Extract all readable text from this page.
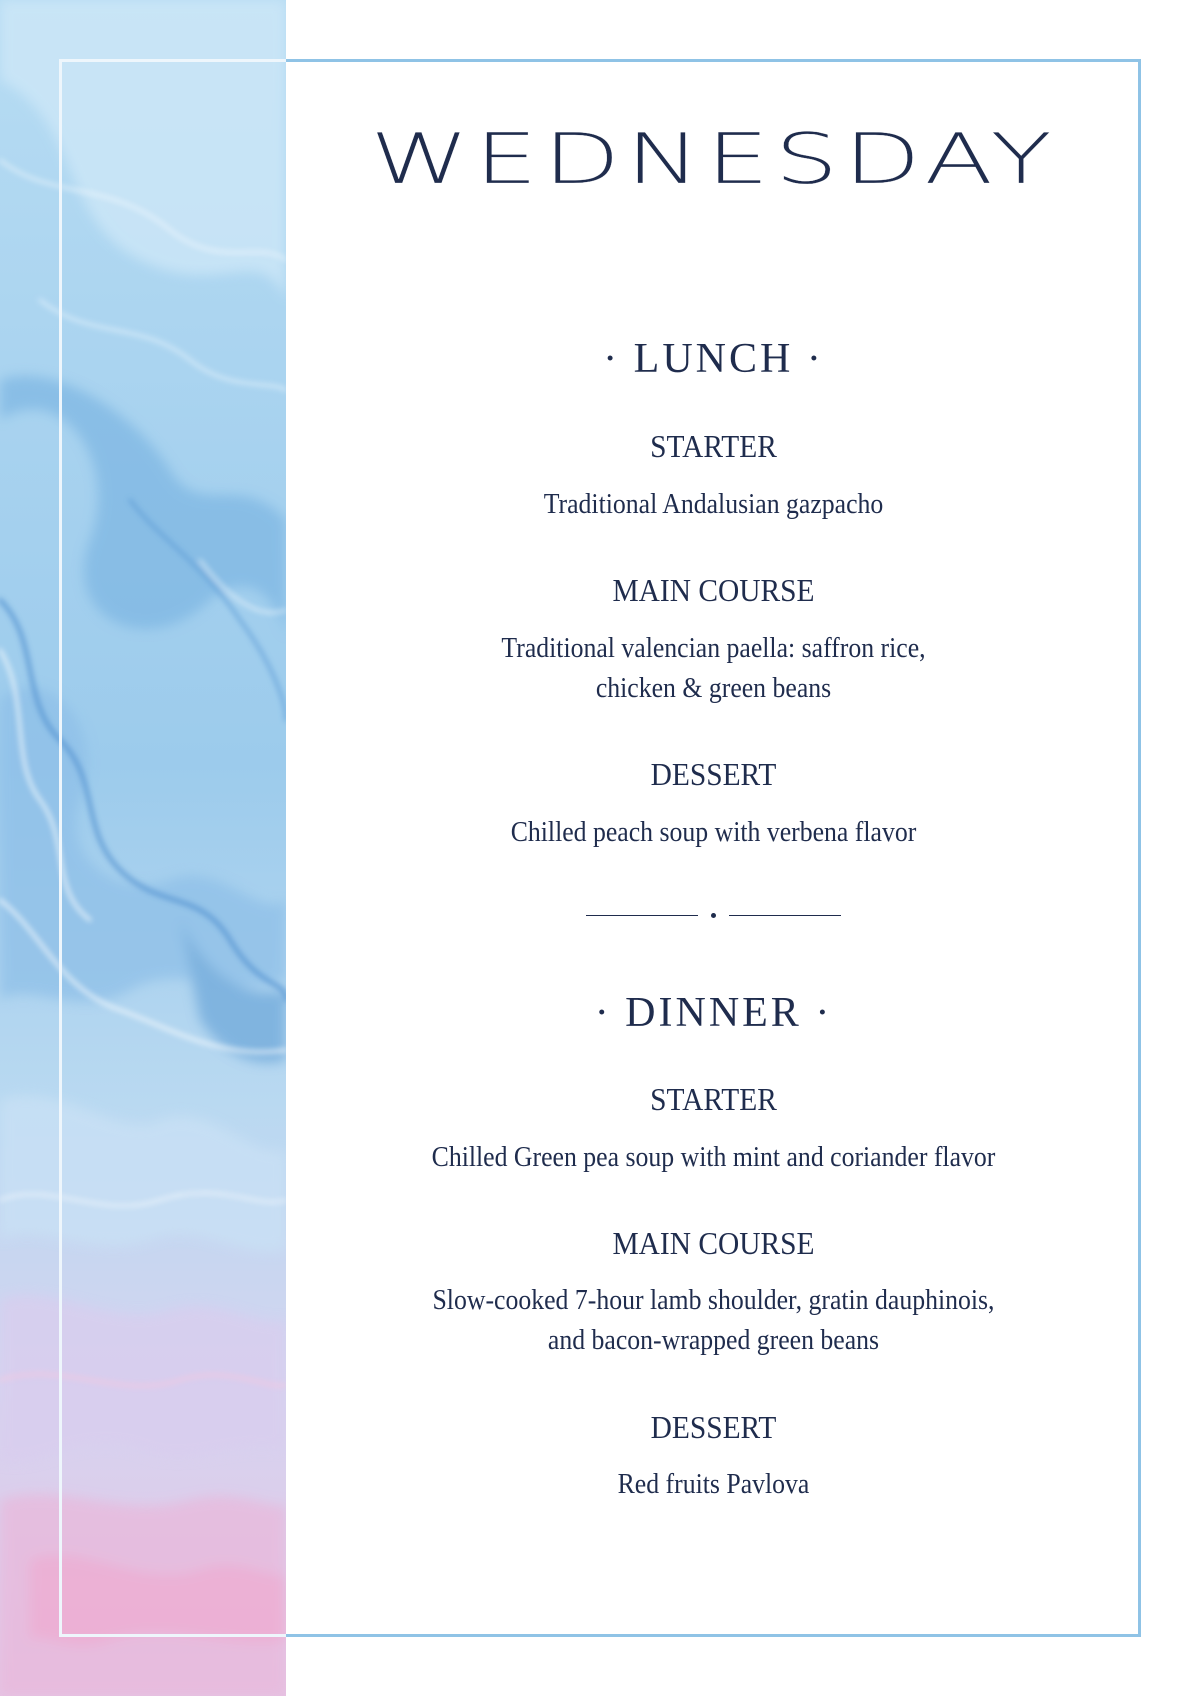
WEDNESDAY
· LUNCH ·
STARTER
Traditional Andalusian gazpacho
MAIN COURSE
Traditional valencian paella: saffron rice,
chicken & green beans
DESSERT
Chilled peach soup with verbena flavor
· DINNER ·
STARTER
Chilled Green pea soup with mint and coriander flavor
MAIN COURSE
Slow-cooked 7-hour lamb shoulder, gratin dauphinois,
and bacon-wrapped green beans
DESSERT
Red fruits Pavlova
